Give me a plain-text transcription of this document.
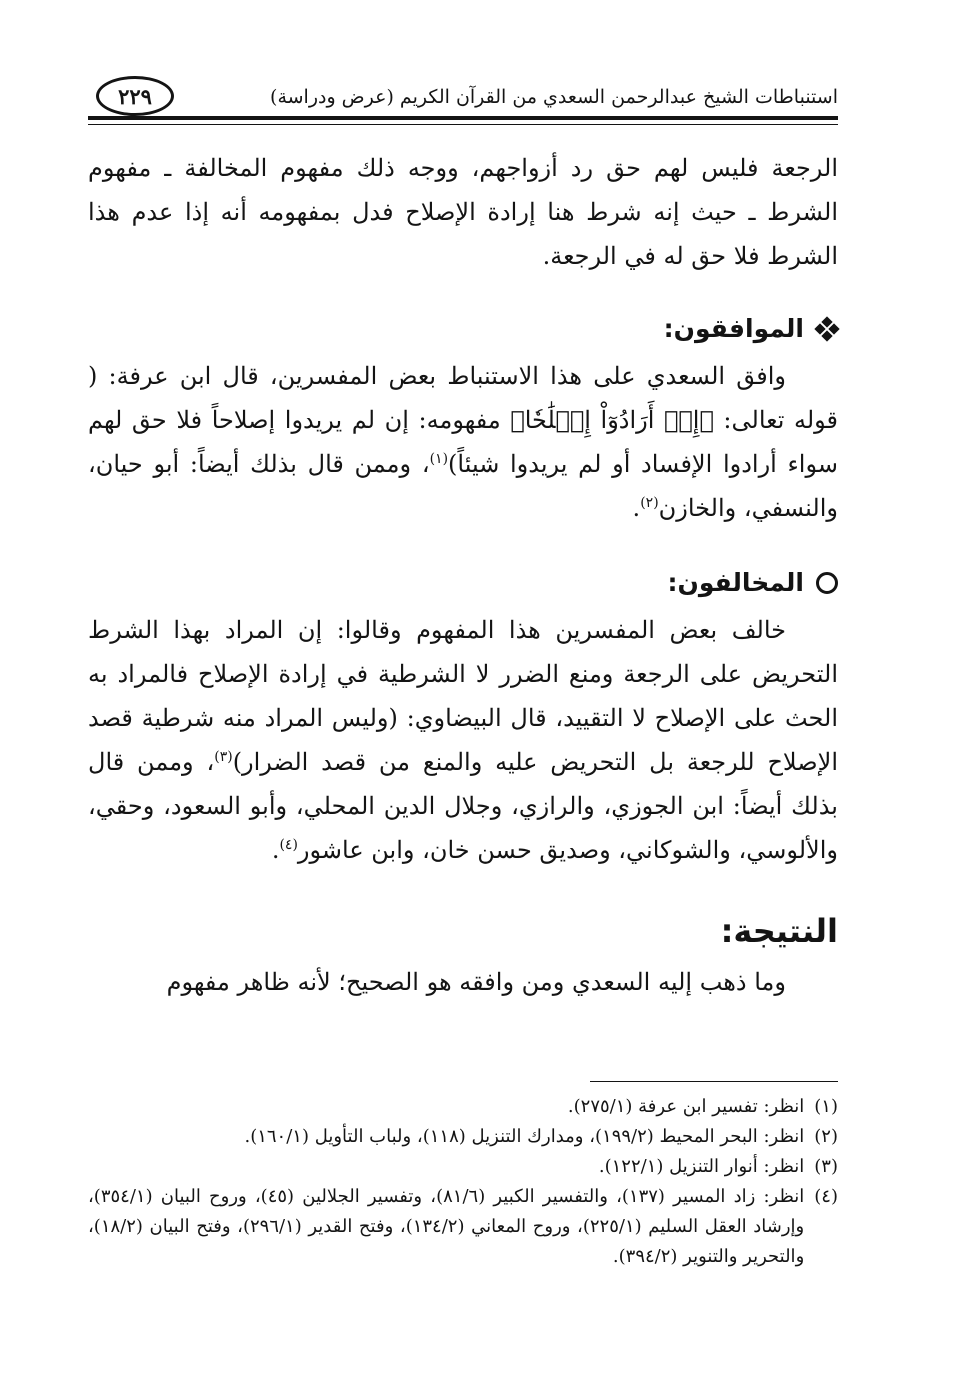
٢٢٩	استنباطات الشيخ عبدالرحمن السعدي من القرآن الكريم (عرض ودراسة)

الرجعة فليس لهم حق رد أزواجهم، ووجه ذلك مفهوم المخالفة ـ مفهوم الشرط ـ حيث إنه شرط هنا إرادة الإصلاح فدل بمفهومه أنه إذا عدم هذا الشرط فلا حق له في الرجعة.

الموافقون:

وافق السعدي على هذا الاستنباط بعض المفسرين، قال ابن عرفة: ( قوله تعالى: ﴿إِنۡ أَرَادُوٓاْ إِصۡلَٰحٗا﴾ مفهومه: إن لم يريدوا إصلاحاً فلا حق لهم سواء أرادوا الإفساد أو لم يريدوا شيئاً)$^{(١)}$، وممن قال بذلك أيضاً: أبو حيان، والنسفي، والخازن$^{(٢)}$.

المخالفون:

خالف بعض المفسرين هذا المفهوم وقالوا: إن المراد بهذا الشرط التحريض على الرجعة ومنع الضرر لا الشرطية في إرادة الإصلاح فالمراد به الحث على الإصلاح لا التقييد، قال البيضاوي: (وليس المراد منه شرطية قصد الإصلاح للرجعة بل التحريض عليه والمنع من قصد الضرار)$^{(٣)}$، وممن قال بذلك أيضاً: ابن الجوزي، والرازي، وجلال الدين المحلي، وأبو السعود، وحقي، والألوسي، والشوكاني، وصديق حسن خان، وابن عاشور$^{(٤)}$.

النتيجة:

وما ذهب إليه السعدي ومن وافقه هو الصحيح؛ لأنه ظاهر مفهوم

(١)
انظر: تفسير ابن عرفة (٢٧٥/١).
(٢)
انظر: البحر المحيط (١٩٩/٢)، ومدارك التنزيل (١١٨)، ولباب التأويل (١٦٠/١).
(٣)
انظر: أنوار التنزيل (١٢٢/١).
(٤)
انظر: زاد المسير (١٣٧)، والتفسير الكبير (٨١/٦)، وتفسير الجلالين (٤٥)، وروح البيان (٣٥٤/١)، وإرشاد العقل السليم (٢٢٥/١)، وروح المعاني (١٣٤/٢)، وفتح القدير (٢٩٦/١)، وفتح البيان (١٨/٢)، والتحرير والتنوير (٣٩٤/٢).
